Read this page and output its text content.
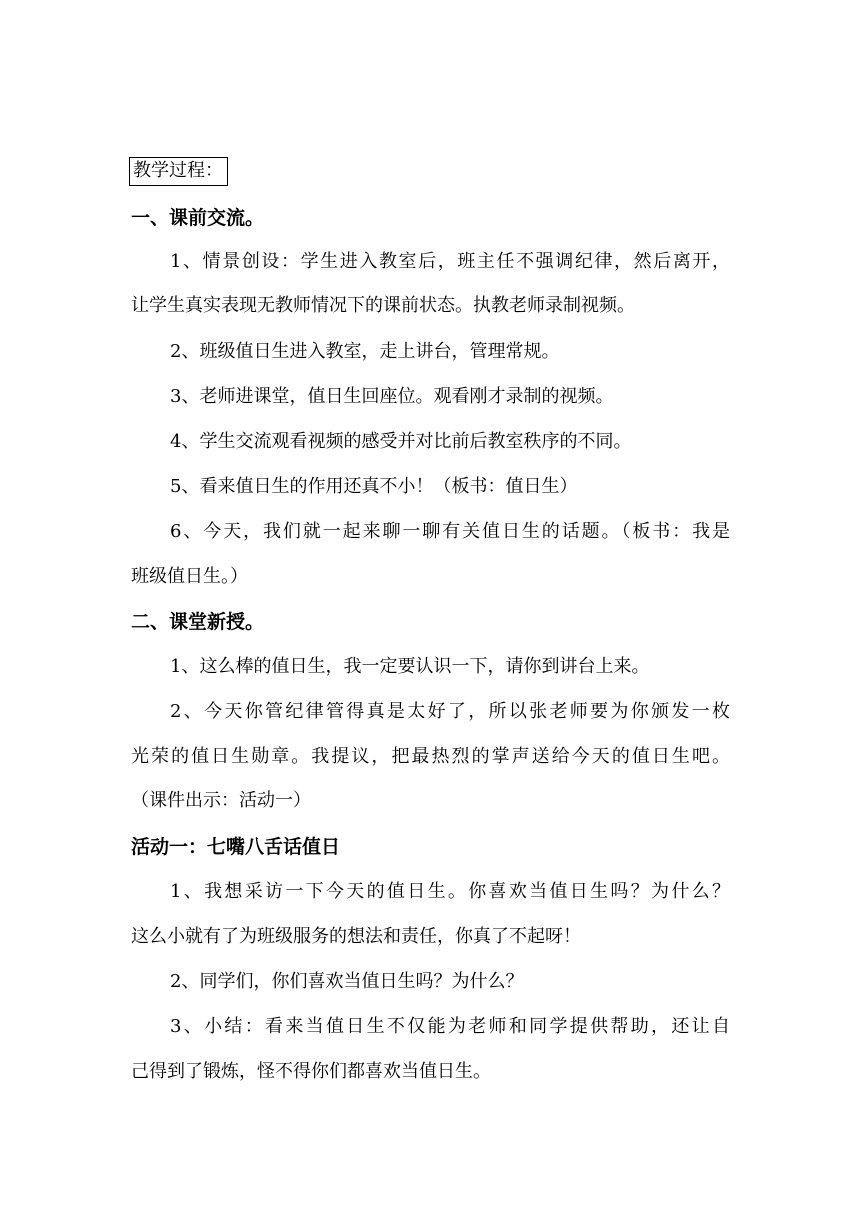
教学过程：
一、课前交流。
1、情景创设：学生进入教室后，班主任不强调纪律，然后离开，
让学生真实表现无教师情况下的课前状态。执教老师录制视频。
2、班级值日生进入教室，走上讲台，管理常规。
3、老师进课堂，值日生回座位。观看刚才录制的视频。
4、学生交流观看视频的感受并对比前后教室秩序的不同。
5、看来值日生的作用还真不小！（板书：值日生）
6、今天，我们就一起来聊一聊有关值日生的话题。（板书：我是
班级值日生。）
二、课堂新授。
1、这么棒的值日生，我一定要认识一下，请你到讲台上来。
2、今天你管纪律管得真是太好了，所以张老师要为你颁发一枚
光荣的值日生勋章。我提议，把最热烈的掌声送给今天的值日生吧。
（课件出示：活动一）
活动一：七嘴八舌话值日
1、我想采访一下今天的值日生。你喜欢当值日生吗？为什么？
这么小就有了为班级服务的想法和责任，你真了不起呀！
2、同学们，你们喜欢当值日生吗？为什么？
3、小结：看来当值日生不仅能为老师和同学提供帮助，还让自
己得到了锻炼，怪不得你们都喜欢当值日生。
